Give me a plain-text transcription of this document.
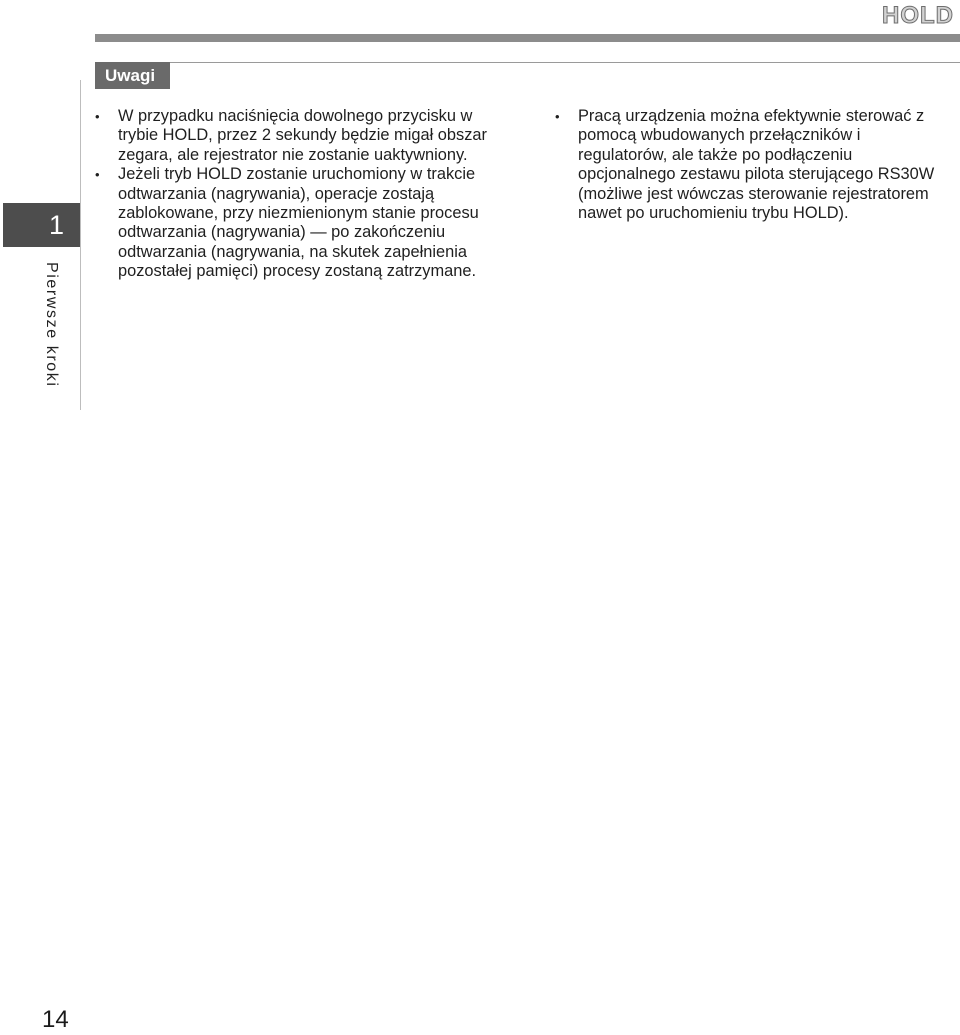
HOLD
1
Pierwsze kroki
Uwagi
• W przypadku naciśnięcia dowolnego przycisku w trybie HOLD, przez 2 sekundy będzie migał obszar zegara, ale rejestrator nie zostanie uaktywniony.
• Jeżeli tryb HOLD zostanie uruchomiony w trakcie odtwarzania (nagrywania), operacje zostają zablokowane, przy niezmienionym stanie procesu odtwarzania (nagrywania) — po zakończeniu odtwarzania (nagrywania, na skutek zapełnienia pozostałej pamięci) procesy zostaną zatrzymane.
• Pracą urządzenia można efektywnie sterować z pomocą wbudowanych przełączników i regulatorów, ale także po podłączeniu opcjonalnego zestawu pilota sterującego RS30W (możliwe jest wówczas sterowanie rejestratorem nawet po uruchomieniu trybu HOLD).
14
